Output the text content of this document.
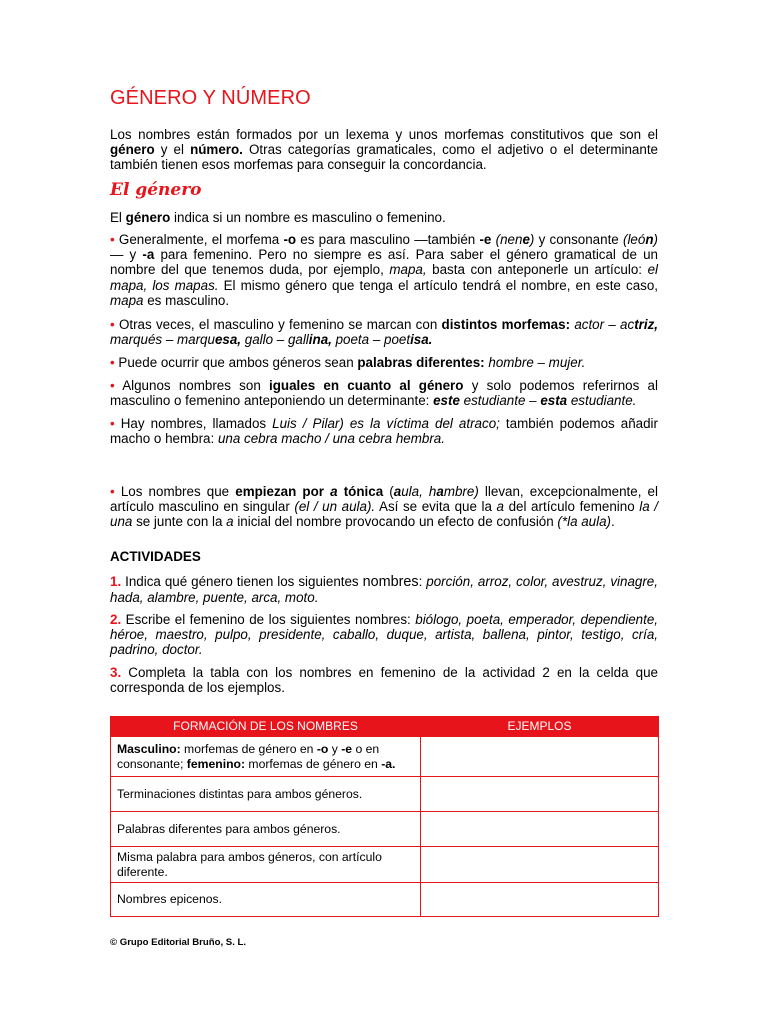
GÉNERO Y NÚMERO

Los nombres están formados por un lexema y unos morfemas constitutivos que son el género y el número. Otras categorías gramaticales, como el adjetivo o el determinante también tienen esos morfemas para conseguir la concordancia.

El género

El género indica si un nombre es masculino o femenino.

• Generalmente, el morfema -o es para masculino —también -e (nene) y consonante (león)— y -a para femenino. Pero no siempre es así. Para saber el género gramatical de un nombre del que tenemos duda, por ejemplo, mapa, basta con anteponerle un artículo: el mapa, los mapas. El mismo género que tenga el artículo tendrá el nombre, en este caso, mapa es masculino.

• Otras veces, el masculino y femenino se marcan con distintos morfemas: actor – actriz, marqués – marquesa, gallo – gallina, poeta – poetisa.

• Puede ocurrir que ambos géneros sean palabras diferentes: hombre – mujer.

• Algunos nombres son iguales en cuanto al género y solo podemos referirnos al masculino o femenino anteponiendo un determinante: este estudiante – esta estudiante.

• Hay nombres, llamados Luis / Pilar) es la víctima del atraco; también podemos añadir macho o hembra: una cebra macho / una cebra hembra.

• Los nombres que empiezan por a tónica (aula, hambre) llevan, excepcionalmente, el artículo masculino en singular (el / un aula). Así se evita que la a del artículo femenino la / una se junte con la a inicial del nombre provocando un efecto de confusión (*la aula).

ACTIVIDADES

1. Indica qué género tienen los siguientes nombres: porción, arroz, color, avestruz, vinagre, hada, alambre, puente, arca, moto.

2. Escribe el femenino de los siguientes nombres: biólogo, poeta, emperador, dependiente, héroe, maestro, pulpo, presidente, caballo, duque, artista, ballena, pintor, testigo, cría, padrino, doctor.

3. Completa la tabla con los nombres en femenino de la actividad 2 en la celda que corresponda de los ejemplos.

FORMACIÓN DE LOS NOMBRES	EJEMPLOS
Masculino: morfemas de género en -o y -e o en consonante; femenino: morfemas de género en -a.	
Terminaciones distintas para ambos géneros.	
Palabras diferentes para ambos géneros.	
Misma palabra para ambos géneros, con artículo diferente.	
Nombres epicenos.	
© Grupo Editorial Bruño, S. L.
